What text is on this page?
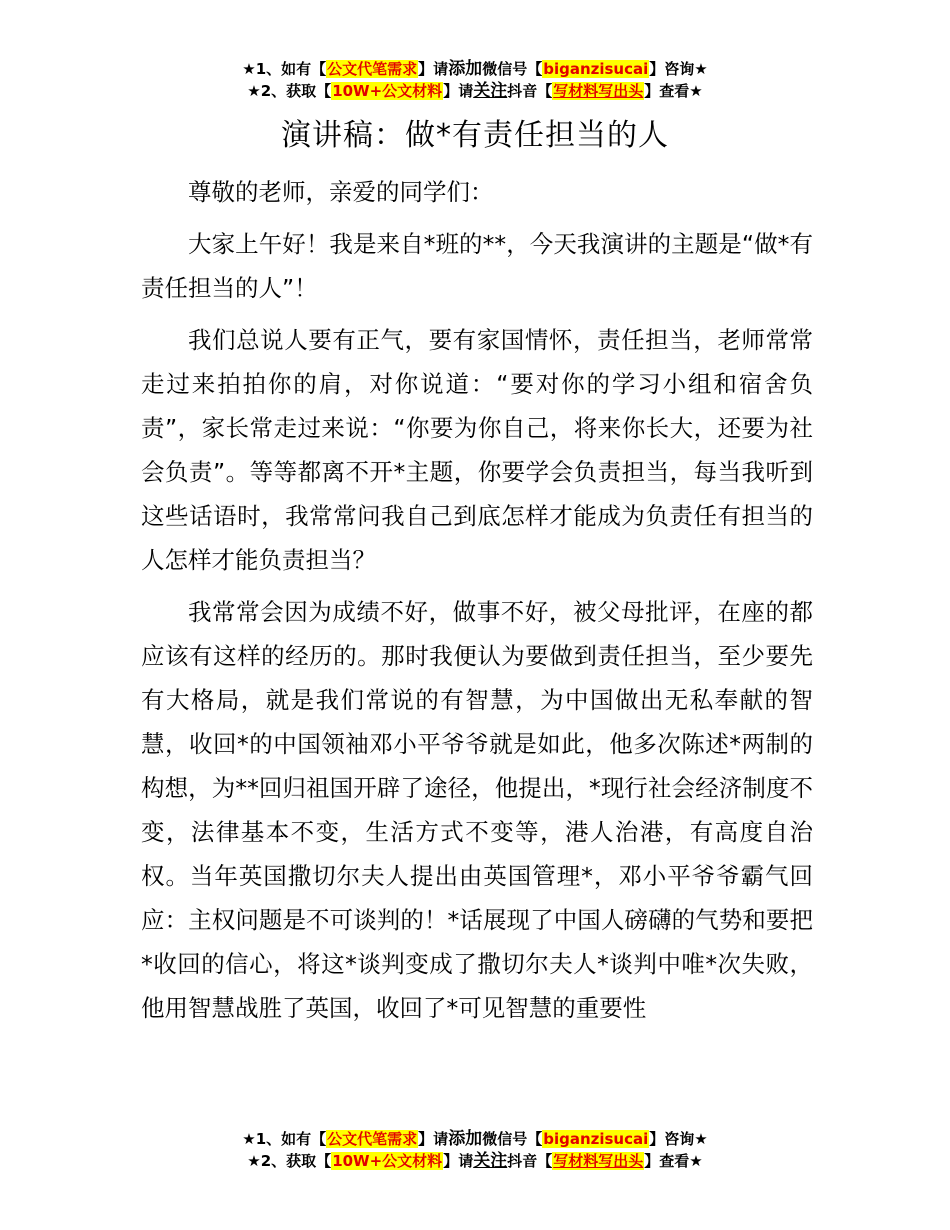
★1、如有【公文代笔需求】请添加微信号【biganzisucai】咨询★
★2、获取【10W+公文材料】请关注抖音【写材料写出头】查看★
演讲稿：做*有责任担当的人

尊敬的老师，亲爱的同学们：

大家上午好！我是来自*班的**，今天我演讲的主题是“做*有责任担当的人”！

我们总说人要有正气，要有家国情怀，责任担当，老师常常走过来拍拍你的肩，对你说道：“要对你的学习小组和宿舍负责”，家长常走过来说：“你要为你自己，将来你长大，还要为社会负责”。等等都离不开*主题，你要学会负责担当，每当我听到这些话语时，我常常问我自己到底怎样才能成为负责任有担当的人怎样才能负责担当？

我常常会因为成绩不好，做事不好，被父母批评，在座的都应该有这样的经历的。那时我便认为要做到责任担当，至少要先有大格局，就是我们常说的有智慧，为中国做出无私奉献的智慧，收回*的中国领袖邓小平爷爷就是如此，他多次陈述*两制的构想，为**回归祖国开辟了途径，他提出，*现行社会经济制度不变，法律基本不变，生活方式不变等，港人治港，有高度自治权。当年英国撒切尔夫人提出由英国管理*，邓小平爷爷霸气回应：主权问题是不可谈判的！*话展现了中国人磅礴的气势和要把*收回的信心，将这*谈判变成了撒切尔夫人*谈判中唯*次失败，他用智慧战胜了英国，收回了*可见智慧的重要性

★1、如有【公文代笔需求】请添加微信号【biganzisucai】咨询★
★2、获取【10W+公文材料】请关注抖音【写材料写出头】查看★
